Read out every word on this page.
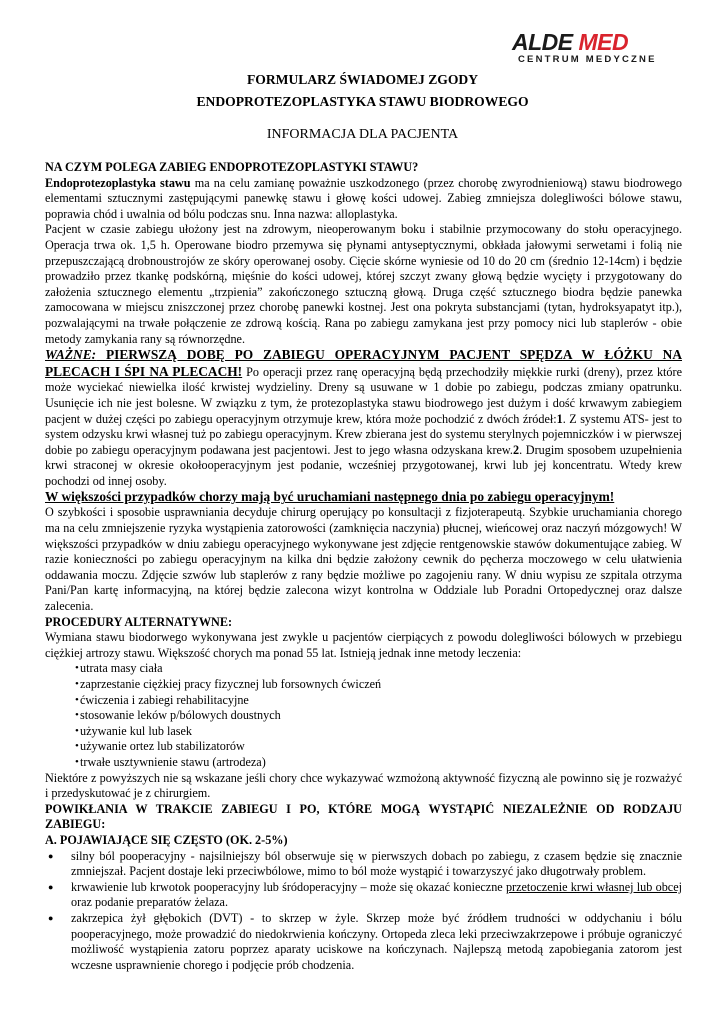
ALDE MED
CENTRUM MEDYCZNE
FORMULARZ ŚWIADOMEJ ZGODY
ENDOPROTEZOPLASTYKA STAWU BIODROWEGO
INFORMACJA DLA PACJENTA

NA CZYM POLEGA ZABIEG ENDOPROTEZOPLASTYKI STAWU?

Endoprotezoplastyka stawu ma na celu zamianę poważnie uszkodzonego (przez chorobę zwyrodnieniową) stawu biodrowego elementami sztucznymi zastępującymi panewkę stawu i głowę kości udowej. Zabieg zmniejsza dolegliwości bólowe stawu, poprawia chód i uwalnia od bólu podczas snu. Inna nazwa: alloplastyka.

Pacjent w czasie zabiegu ułożony jest na zdrowym, nieoperowanym boku i stabilnie przymocowany do stołu operacyjnego. Operacja trwa ok. 1,5 h. Operowane biodro przemywa się płynami antyseptycznymi, obkłada jałowymi serwetami i folią nie przepuszczającą drobnoustrojów ze skóry operowanej osoby. Cięcie skórne wyniesie od 10 do 20 cm (średnio 12-14cm) i będzie prowadziło przez tkankę podskórną, mięśnie do kości udowej, której szczyt zwany głową będzie wycięty i przygotowany do założenia sztucznego elementu „trzpienia” zakończonego sztuczną głową. Druga część sztucznego biodra będzie panewka zamocowana w miejscu zniszczonej przez chorobę panewki kostnej. Jest ona pokryta substancjami (tytan, hydroksyapatyt itp.), pozwalającymi na trwałe połączenie ze zdrową kością. Rana po zabiegu zamykana jest przy pomocy nici lub staplerów - obie metody zamykania rany są równorzędne.

WAŻNE: PIERWSZĄ DOBĘ PO ZABIEGU OPERACYJNYM PACJENT SPĘDZA W ŁÓŻKU NA PLECACH I ŚPI NA PLECACH! Po operacji przez ranę operacyjną będą przechodziły miękkie rurki (dreny), przez które może wyciekać niewielka ilość krwistej wydzieliny. Dreny są usuwane w 1 dobie po zabiegu, podczas zmiany opatrunku. Usunięcie ich nie jest bolesne. W związku z tym, że protezoplastyka stawu biodrowego jest dużym i dość krwawym zabiegiem pacjent w dużej części po zabiegu operacyjnym otrzymuje krew, która może pochodzić z dwóch źródeł:1. Z systemu ATS- jest to system odzysku krwi własnej tuż po zabiegu operacyjnym. Krew zbierana jest do systemu sterylnych pojemniczków i w pierwszej dobie po zabiegu operacyjnym podawana jest pacjentowi. Jest to jego własna odzyskana krew.2. Drugim sposobem uzupełnienia krwi straconej w okresie okołooperacyjnym jest podanie, wcześniej przygotowanej, krwi lub jej koncentratu. Wtedy krew pochodzi od innej osoby.

W większości przypadków chorzy mają być uruchamiani następnego dnia po zabiegu operacyjnym!

O szybkości i sposobie usprawniania decyduje chirurg operujący po konsultacji z fizjoterapeutą. Szybkie uruchamiania chorego ma na celu zmniejszenie ryzyka wystąpienia zatorowości (zamknięcia naczynia) płucnej, wieńcowej oraz naczyń mózgowych! W większości przypadków w dniu zabiegu operacyjnego wykonywane jest zdjęcie rentgenowskie stawów dokumentujące zabieg. W razie konieczności po zabiegu operacyjnym na kilka dni będzie założony cewnik do pęcherza moczowego w celu ułatwienia oddawania moczu. Zdjęcie szwów lub staplerów z rany będzie możliwe po zagojeniu rany. W dniu wypisu ze szpitala otrzyma Pani/Pan kartę informacyjną, na której będzie zalecona wizyt kontrolna w Oddziale lub Poradni Ortopedycznej oraz dalsze zalecenia.

PROCEDURY ALTERNATYWNE:

Wymiana stawu biodorwego wykonywana jest zwykle u pacjentów cierpiących z powodu dolegliwości bólowych w przebiegu ciężkiej artrozy stawu. Większość chorych ma ponad 55 lat. Istnieją jednak inne metody leczenia:

• utrata masy ciała
• zaprzestanie ciężkiej pracy fizycznej lub forsownych ćwiczeń
• ćwiczenia i zabiegi rehabilitacyjne
• stosowanie leków p/bólowych doustnych
• używanie kul lub lasek
• używanie ortez lub stabilizatorów
• trwałe usztywnienie stawu (artrodeza)

Niektóre z powyższych nie są wskazane jeśli chory chce wykazywać wzmożoną aktywność fizyczną ale powinno się je rozważyć i przedyskutować je z chirurgiem.

POWIKŁANIA W TRAKCIE ZABIEGU I PO, KTÓRE MOGĄ WYSTĄPIĆ NIEZALEŻNIE OD RODZAJU ZABIEGU:

A. POJAWIAJĄCE SIĘ CZĘSTO (OK. 2-5%)

● silny ból pooperacyjny - najsilniejszy ból obserwuje się w pierwszych dobach po zabiegu, z czasem będzie się znacznie zmniejszał. Pacjent dostaje leki przeciwbólowe, mimo to ból może wystąpić i towarzyszyć jako długotrwały problem.
● krwawienie lub krwotok pooperacyjny lub śródoperacyjny – może się okazać konieczne przetoczenie krwi własnej lub obcej oraz podanie preparatów żelaza.
● zakrzepica żył głębokich (DVT) - to skrzep w żyle. Skrzep może być źródłem trudności w oddychaniu i bólu pooperacyjnego, może prowadzić do niedokrwienia kończyny. Ortopeda zleca leki przeciwzakrzepowe i próbuje ograniczyć możliwość wystąpienia zatoru poprzez aparaty uciskowe na kończynach. Najlepszą metodą zapobiegania zatorom jest wczesne usprawnienie chorego i podjęcie prób chodzenia.
